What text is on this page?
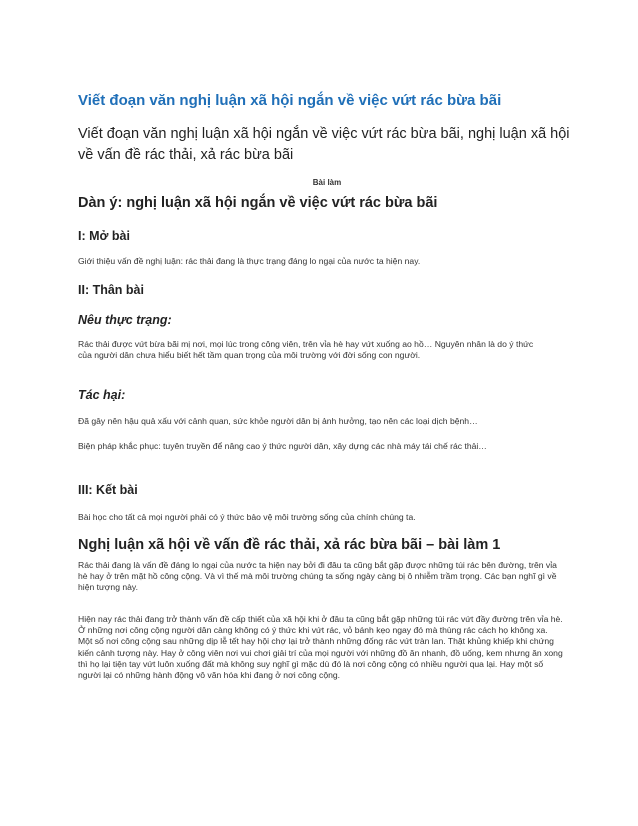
Viết đoạn văn nghị luận xã hội ngắn về việc vứt rác bừa bãi

Viết đoạn văn nghị luận xã hội ngắn về việc vứt rác bừa bãi, nghị luận xã hội về vấn đề rác thải, xả rác bừa bãi

Bài làm
Dàn ý: nghị luận xã hội ngắn về việc vứt rác bừa bãi
I: Mở bài

Giới thiệu vấn đề nghị luận: rác thải đang là thực trạng đáng lo ngại của nước ta hiện nay.

II: Thân bài
Nêu thực trạng:

Rác thải được vứt bừa bãi mị nơi, mọi lúc trong công viên, trên vỉa hè hay vứt xuống ao hồ… Nguyên nhân là do ý thức của người dân chưa hiểu biết hết tầm quan trọng của môi trường với đời sống con người.

Tác hại:

Đã gây nên hậu quả xấu với cảnh quan, sức khỏe người dân bị ảnh hưởng, tạo nên các loại dịch bệnh…

Biện pháp khắc phục: tuyên truyền để nâng cao ý thức người dân, xây dựng các nhà máy tái chế rác thải…

III: Kết bài

Bài học cho tất cả mọi người phải có ý thức bảo vệ môi trường sống của chính chúng ta.

Nghị luận xã hội về vấn đề rác thải, xả rác bừa bãi – bài làm 1

Rác thải đang là vấn đề đáng lo ngại của nước ta hiện nay bởi đi đâu ta cũng bắt gặp được những túi rác bên đường, trên vỉa hè hay ở trên mặt hồ công cộng. Và vì thế mà môi trường chúng ta sống ngày càng bị ô nhiễm trầm trọng. Các bạn nghĩ gì về hiện tượng này.

Hiện nay rác thải đang trở thành vấn đề cấp thiết của xã hội khi ở đâu ta cũng bắt gặp những túi rác vứt đầy đường trên vỉa hè. Ở những nơi công cộng người dân càng không có ý thức khi vứt rác, vỏ bánh kẹo ngay đó mà thùng rác cách họ không xa. Một số nơi công cộng sau những dịp lễ tết hay hội chợ lại trở thành những đống rác vứt tràn lan. Thật khủng khiếp khi chứng kiến cảnh tượng này. Hay ở công viên nơi vui chơi giải trí của mọi người với những đồ ăn nhanh, đồ uống, kem nhưng ăn xong thì họ lại tiện tay vứt luôn xuống đất mà không suy nghĩ gì mặc dù đó là nơi công cộng có nhiều người qua lại. Hay một số người lại có những hành động vô văn hóa khi đang ở nơi công cộng.
